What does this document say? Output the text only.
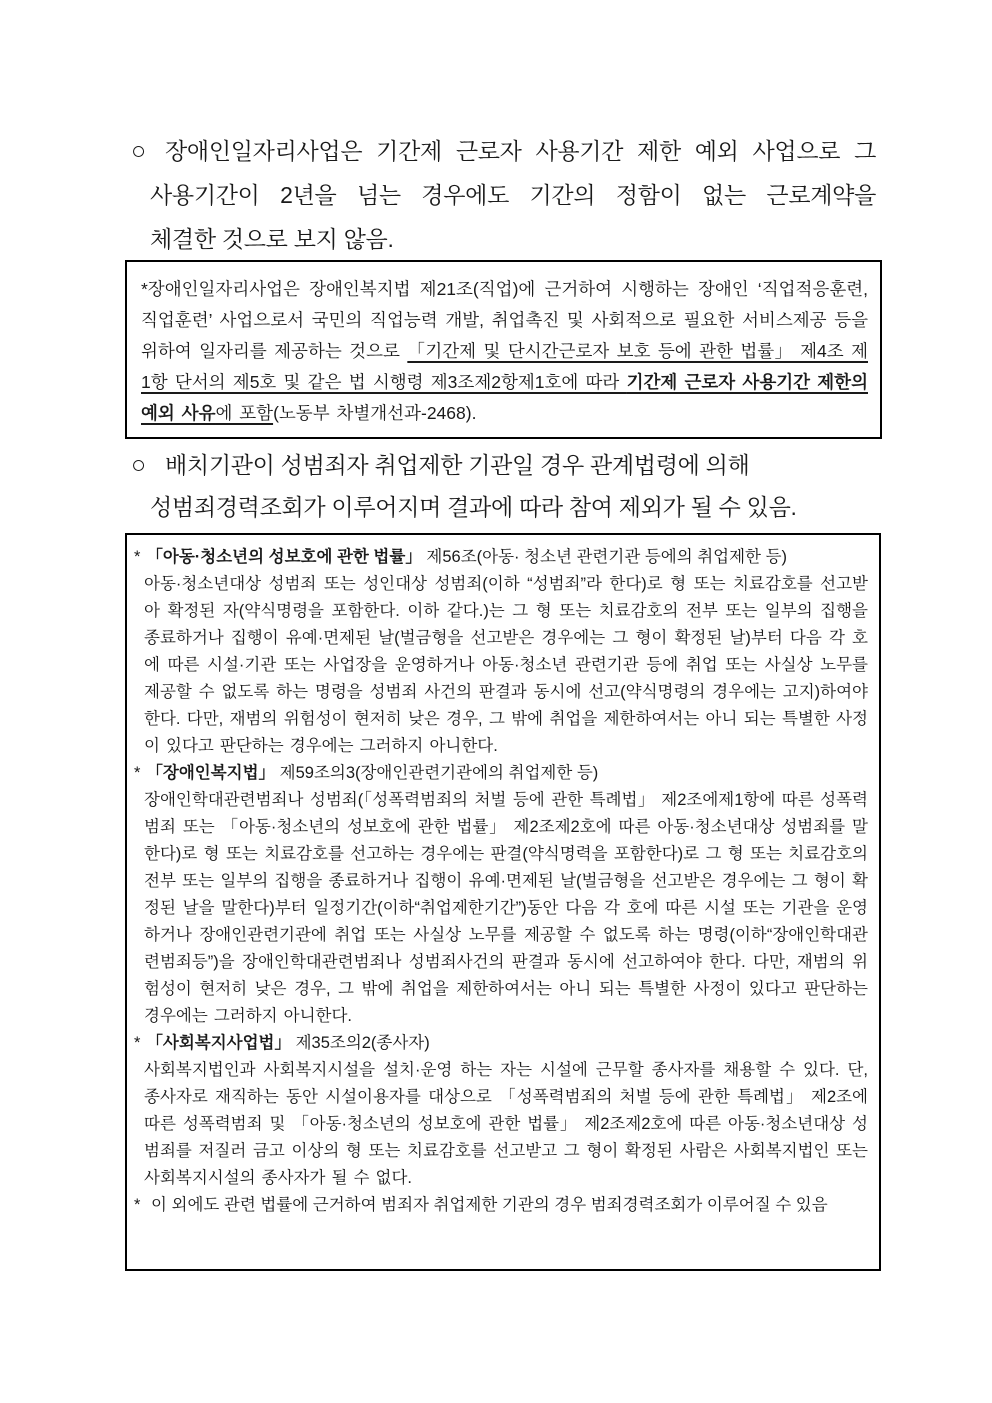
○ 장애인일자리사업은 기간제 근로자 사용기간 제한 예외 사업으로 그
사용기간이 2년을 넘는 경우에도 기간의 정함이 없는 근로계약을
체결한 것으로 보지 않음.

*장애인일자리사업은 장애인복지법 제21조(직업)에 근거하여 시행하는 장애인 ‘직업적응훈련, 직업훈련’ 사업으로서 국민의 직업능력 개발, 취업촉진 및 사회적으로 필요한 서비스제공 등을 위하여 일자리를 제공하는 것으로 「기간제 및 단시간근로자 보호 등에 관한 법률」 제4조 제1항 단서의 제5호 및 같은 법 시행령 제3조제2항제1호에 따라 기간제 근로자 사용기간 제한의 예외 사유에 포함(노동부 차별개선과-2468).

○ 배치기관이 성범죄자 취업제한 기관일 경우 관계법령에 의해
성범죄경력조회가 이루어지며 결과에 따라 참여 제외가 될 수 있음.
* 「아동·청소년의 성보호에 관한 법률」 제56조(아동· 청소년 관련기관 등에의 취업제한 등)
아동·청소년대상 성범죄 또는 성인대상 성범죄(이하 “성범죄”라 한다)로 형 또는 치료감호를 선고받아 확정된 자(약식명령을 포함한다. 이하 같다.)는 그 형 또는 치료감호의 전부 또는 일부의 집행을 종료하거나 집행이 유예·면제된 날(벌금형을 선고받은 경우에는 그 형이 확정된 날)부터 다음 각 호에 따른 시설·기관 또는 사업장을 운영하거나 아동·청소년 관련기관 등에 취업 또는 사실상 노무를 제공할 수 없도록 하는 명령을 성범죄 사건의 판결과 동시에 선고(약식명령의 경우에는 고지)하여야 한다. 다만, 재범의 위험성이 현저히 낮은 경우, 그 밖에 취업을 제한하여서는 아니 되는 특별한 사정이 있다고 판단하는 경우에는 그러하지 아니한다.
* 「장애인복지법」 제59조의3(장애인관련기관에의 취업제한 등)
장애인학대관련범죄나 성범죄(「성폭력범죄의 처벌 등에 관한 특례법」 제2조에제1항에 따른 성폭력범죄 또는 「아동·청소년의 성보호에 관한 법률」 제2조제2호에 따른 아동·청소년대상 성범죄를 말한다)로 형 또는 치료감호를 선고하는 경우에는 판결(약식명력을 포함한다)로 그 형 또는 치료감호의 전부 또는 일부의 집행을 종료하거나 집행이 유예·면제된 날(벌금형을 선고받은 경우에는 그 형이 확정된 날을 말한다)부터 일정기간(이하“취업제한기간”)동안 다음 각 호에 따른 시설 또는 기관을 운영하거나 장애인관련기관에 취업 또는 사실상 노무를 제공할 수 없도록 하는 명령(이하“장애인학대관련범죄등”)을 장애인학대관련범죄나 성범죄사건의 판결과 동시에 선고하여야 한다. 다만, 재범의 위험성이 현저히 낮은 경우, 그 밖에 취업을 제한하여서는 아니 되는 특별한 사정이 있다고 판단하는 경우에는 그러하지 아니한다.
* 「사회복지사업법」 제35조의2(종사자)
사회복지법인과 사회복지시설을 설치·운영 하는 자는 시설에 근무할 종사자를 채용할 수 있다. 단, 종사자로 재직하는 동안 시설이용자를 대상으로 「성폭력범죄의 처벌 등에 관한 특례법」 제2조에 따른 성폭력범죄 및 「아동·청소년의 성보호에 관한 법률」 제2조제2호에 따른 아동·청소년대상 성범죄를 저질러 금고 이상의 형 또는 치료감호를 선고받고 그 형이 확정된 사람은 사회복지법인 또는 사회복지시설의 종사자가 될 수 없다.
* 이 외에도 관련 법률에 근거하여 범죄자 취업제한 기관의 경우 범죄경력조회가 이루어질 수 있음
